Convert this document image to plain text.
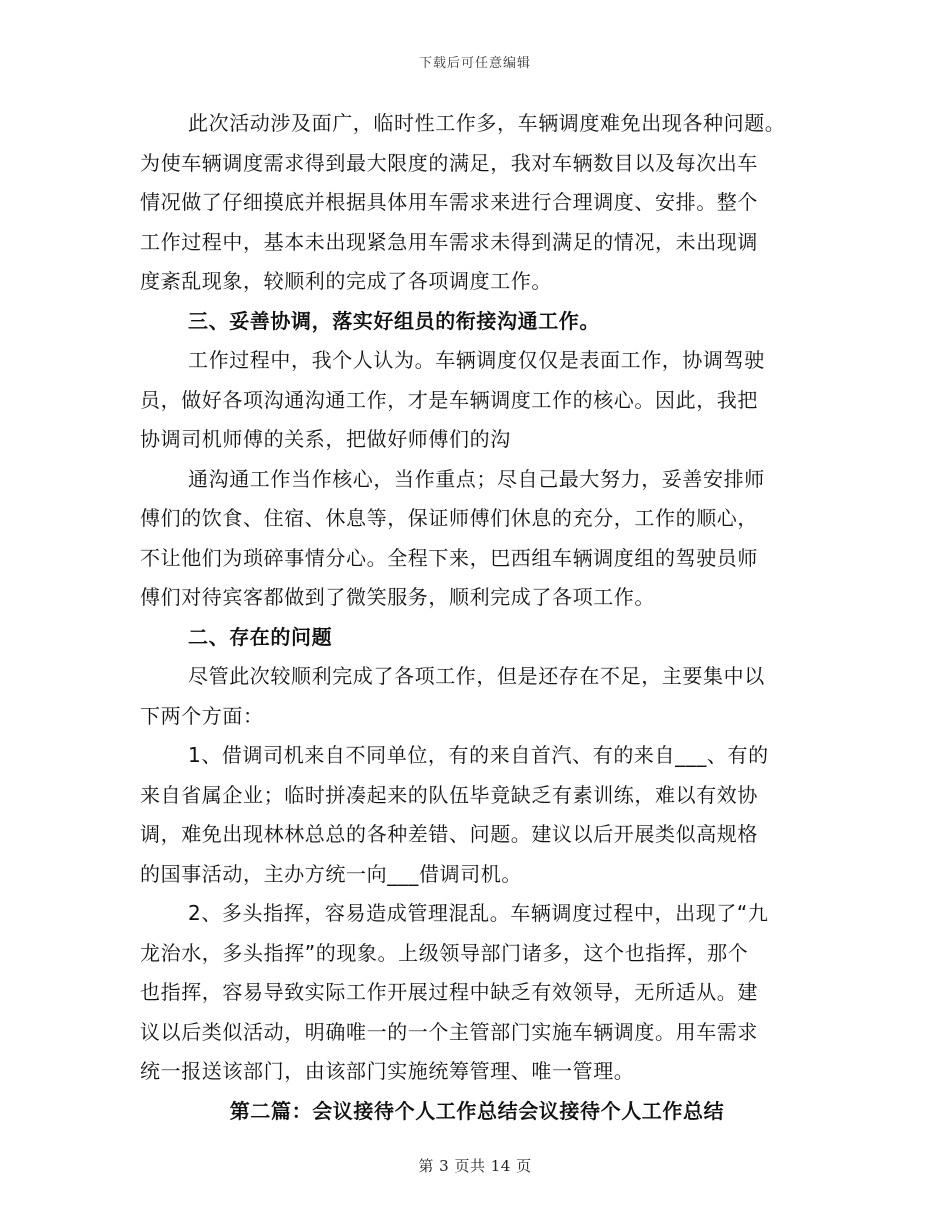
下载后可任意编辑

此次活动涉及面广，临时性工作多，车辆调度难免出现各种问题。
为使车辆调度需求得到最大限度的满足，我对车辆数目以及每次出车
情况做了仔细摸底并根据具体用车需求来进行合理调度、安排。整个
工作过程中，基本未出现紧急用车需求未得到满足的情况，未出现调
度紊乱现象，较顺利的完成了各项调度工作。

三、妥善协调，落实好组员的衔接沟通工作。

工作过程中，我个人认为。车辆调度仅仅是表面工作，协调驾驶
员，做好各项沟通沟通工作，才是车辆调度工作的核心。因此，我把
协调司机师傅的关系，把做好师傅们的沟

通沟通工作当作核心，当作重点；尽自己最大努力，妥善安排师
傅们的饮食、住宿、休息等，保证师傅们休息的充分，工作的顺心，
不让他们为琐碎事情分心。全程下来，巴西组车辆调度组的驾驶员师
傅们对待宾客都做到了微笑服务，顺利完成了各项工作。

二、存在的问题

尽管此次较顺利完成了各项工作，但是还存在不足，主要集中以
下两个方面：

1、借调司机来自不同单位，有的来自首汽、有的来自___、有的
来自省属企业；临时拼凑起来的队伍毕竟缺乏有素训练，难以有效协
调，难免出现林林总总的各种差错、问题。建议以后开展类似高规格
的国事活动，主办方统一向___借调司机。

2、多头指挥，容易造成管理混乱。车辆调度过程中，出现了“九
龙治水，多头指挥”的现象。上级领导部门诸多，这个也指挥，那个
也指挥，容易导致实际工作开展过程中缺乏有效领导，无所适从。建
议以后类似活动，明确唯一的一个主管部门实施车辆调度。用车需求
统一报送该部门，由该部门实施统筹管理、唯一管理。

第二篇：会议接待个人工作总结会议接待个人工作总结

第 3 页共 14 页
